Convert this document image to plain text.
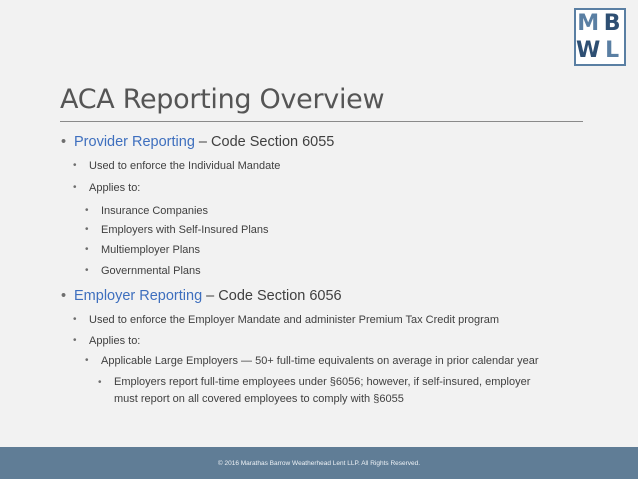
M B
W L
ACA Reporting Overview
• Provider Reporting – Code Section 6055
• Used to enforce the Individual Mandate
• Applies to:
• Insurance Companies
• Employers with Self-Insured Plans
• Multiemployer Plans
• Governmental Plans
• Employer Reporting – Code Section 6056
• Used to enforce the Employer Mandate and administer Premium Tax Credit program
• Applies to:
• Applicable Large Employers — 50+ full-time equivalents on average in prior calendar year
• Employers report full-time employees under §6056; however, if self-insured, employer
must report on all covered employees to comply with §6055
© 2016 Marathas Barrow Weatherhead Lent LLP. All Rights Reserved.
